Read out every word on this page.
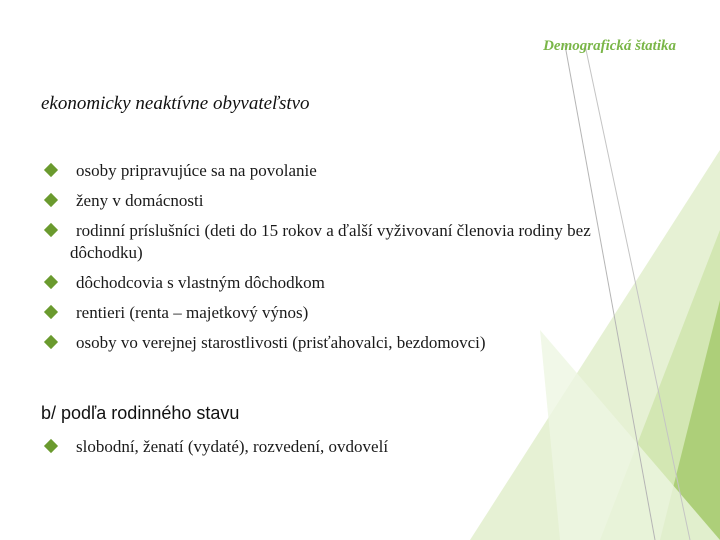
Demografická štatika
ekonomicky neaktívne obyvateľstvo
osoby pripravujúce sa na povolanie
ženy v domácnosti
rodinní príslušníci (deti do 15 rokov a ďalší vyživovaní členovia rodiny bez dôchodku)
dôchodcovia s vlastným dôchodkom
rentieri (renta – majetkový výnos)
osoby vo verejnej starostlivosti (prisťahovalci, bezdomovci)
b/ podľa rodinného stavu
slobodní, ženatí (vydaté), rozvedení, ovdovelí
